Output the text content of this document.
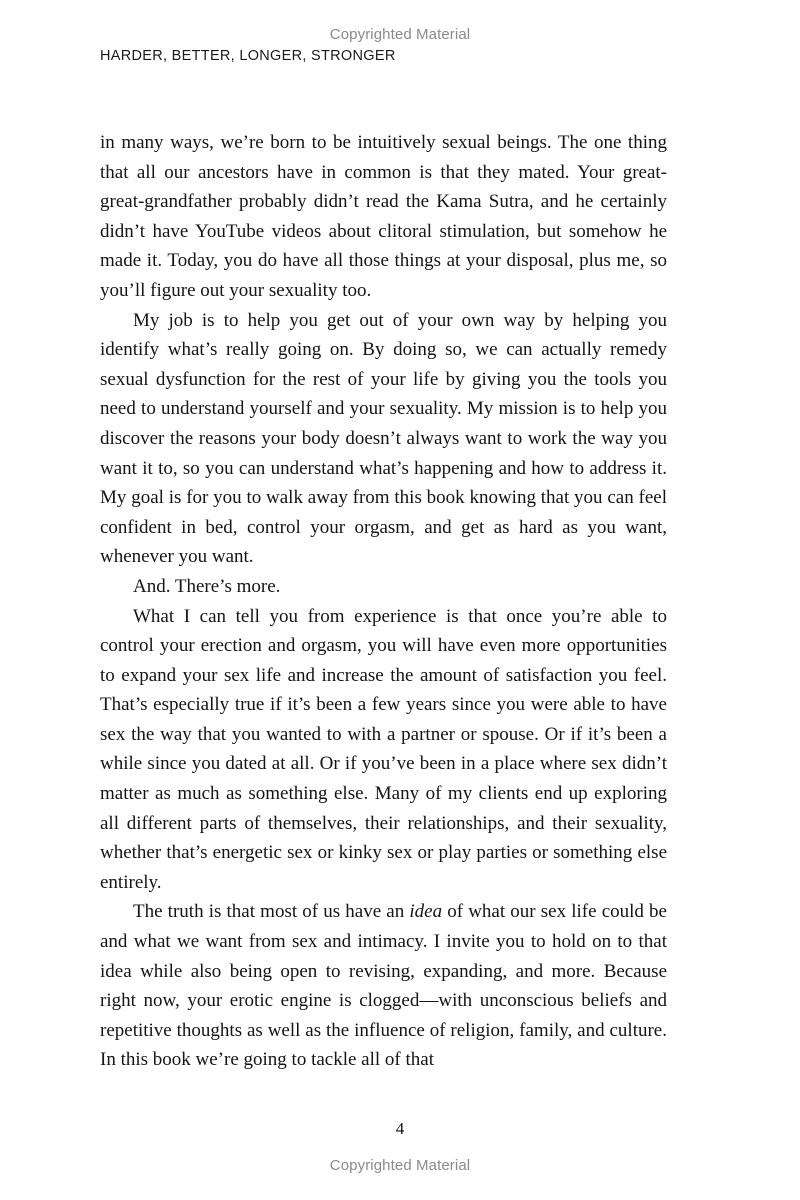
Copyrighted Material
HARDER, BETTER, LONGER, STRONGER

in many ways, we’re born to be intuitively sexual beings. The one thing that all our ancestors have in common is that they mated. Your great-great-grandfather probably didn’t read the Kama Sutra, and he certainly didn’t have YouTube videos about clitoral stimulation, but somehow he made it. Today, you do have all those things at your disposal, plus me, so you’ll figure out your sexuality too.

My job is to help you get out of your own way by helping you identify what’s really going on. By doing so, we can actually remedy sexual dysfunction for the rest of your life by giving you the tools you need to understand yourself and your sexuality. My mission is to help you discover the reasons your body doesn’t always want to work the way you want it to, so you can understand what’s happening and how to address it. My goal is for you to walk away from this book knowing that you can feel confident in bed, control your orgasm, and get as hard as you want, whenever you want.

And. There’s more.

What I can tell you from experience is that once you’re able to control your erection and orgasm, you will have even more opportunities to expand your sex life and increase the amount of satisfaction you feel. That’s especially true if it’s been a few years since you were able to have sex the way that you wanted to with a partner or spouse. Or if it’s been a while since you dated at all. Or if you’ve been in a place where sex didn’t matter as much as something else. Many of my clients end up exploring all different parts of themselves, their relationships, and their sexuality, whether that’s energetic sex or kinky sex or play parties or something else entirely.

The truth is that most of us have an idea of what our sex life could be and what we want from sex and intimacy. I invite you to hold on to that idea while also being open to revising, expanding, and more. Because right now, your erotic engine is clogged—with unconscious beliefs and repetitive thoughts as well as the influence of religion, family, and culture. In this book we’re going to tackle all of that

4
Copyrighted Material
